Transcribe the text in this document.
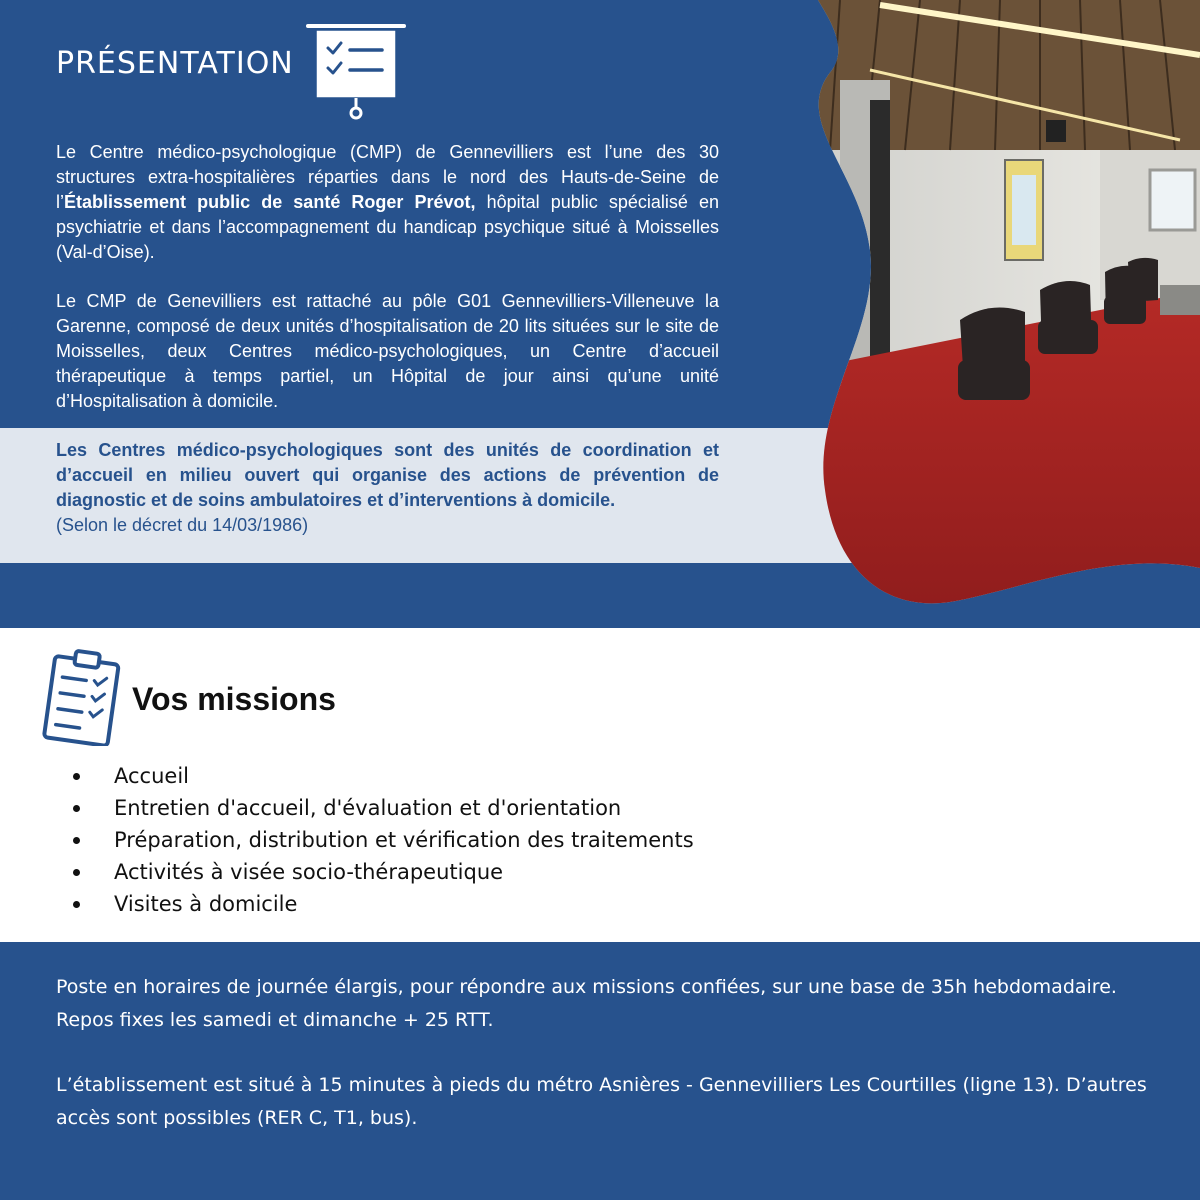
PRÉSENTATION

Le Centre médico-psychologique (CMP) de Gennevilliers est l’une des 30 structures extra-hospitalières réparties dans le nord des Hauts-de-Seine de l’Établissement public de santé Roger Prévot, hôpital public spécialisé en psychiatrie et dans l’accompagnement du handicap psychique situé à Moisselles (Val-d’Oise).

Le CMP de Genevilliers est rattaché au pôle G01 Gennevilliers-Villeneuve la Garenne, composé de deux unités d’hospitalisation de 20 lits situées sur le site de Moisselles, deux Centres médico-psychologiques, un Centre d’accueil thérapeutique à temps partiel, un Hôpital de jour ainsi qu’une unité d’Hospitalisation à domicile.

Les Centres médico-psychologiques sont des unités de coordination et d’accueil en milieu ouvert qui organise des actions de prévention de diagnostic et de soins ambulatoires et d’interventions à domicile.
(Selon le décret du 14/03/1986)

Vos missions
Accueil
Entretien d'accueil, d'évaluation et d'orientation
Préparation, distribution et vérification des traitements
Activités à visée socio-thérapeutique
Visites à domicile

Poste en horaires de journée élargis, pour répondre aux missions confiées, sur une base de 35h hebdomadaire. Repos fixes les samedi et dimanche + 25 RTT.

L’établissement est situé à 15 minutes à pieds du métro Asnières - Gennevilliers Les Courtilles (ligne 13). D’autres accès sont possibles (RER C, T1, bus).
